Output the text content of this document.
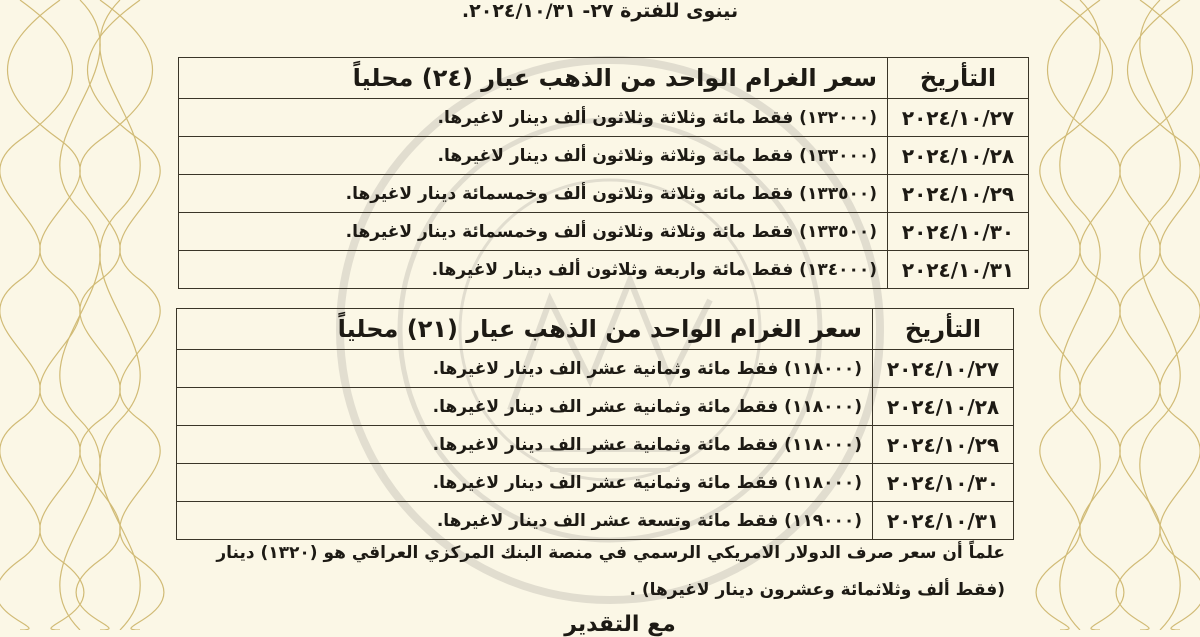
نينوى للفترة ٢٧- ٢٠٢٤/١٠/٣١.
التأريخ	سعر الغرام الواحد من الذهب عيار (٢٤) محلياً
٢٠٢٤/١٠/٢٧	(١٣٢٠٠٠) فقط مائة وثلاثة وثلاثون ألف دينار لاغيرها.
٢٠٢٤/١٠/٢٨	(١٣٣٠٠٠) فقط مائة وثلاثة وثلاثون ألف دينار لاغيرها.
٢٠٢٤/١٠/٢٩	(١٣٣٥٠٠) فقط مائة وثلاثة وثلاثون ألف وخمسمائة دينار لاغيرها.
٢٠٢٤/١٠/٣٠	(١٣٣٥٠٠) فقط مائة وثلاثة وثلاثون ألف وخمسمائة دينار لاغيرها.
٢٠٢٤/١٠/٣١	(١٣٤٠٠٠) فقط مائة واربعة وثلاثون ألف دينار لاغيرها.
التأريخ	سعر الغرام الواحد من الذهب عيار (٢١) محلياً
٢٠٢٤/١٠/٢٧	(١١٨٠٠٠) فقط مائة وثمانية عشر الف دينار لاغيرها.
٢٠٢٤/١٠/٢٨	(١١٨٠٠٠) فقط مائة وثمانية عشر الف دينار لاغيرها.
٢٠٢٤/١٠/٢٩	(١١٨٠٠٠) فقط مائة وثمانية عشر الف دينار لاغيرها.
٢٠٢٤/١٠/٣٠	(١١٨٠٠٠) فقط مائة وثمانية عشر الف دينار لاغيرها.
٢٠٢٤/١٠/٣١	(١١٩٠٠٠) فقط مائة وتسعة عشر الف دينار لاغيرها.
علماً أن سعر صرف الدولار الامريكي الرسمي في منصة البنك المركزي العراقي هو (١٣٢٠) دينار
(فقط ألف وثلاثمائة وعشرون دينار لاغيرها) .
مع التقدير
